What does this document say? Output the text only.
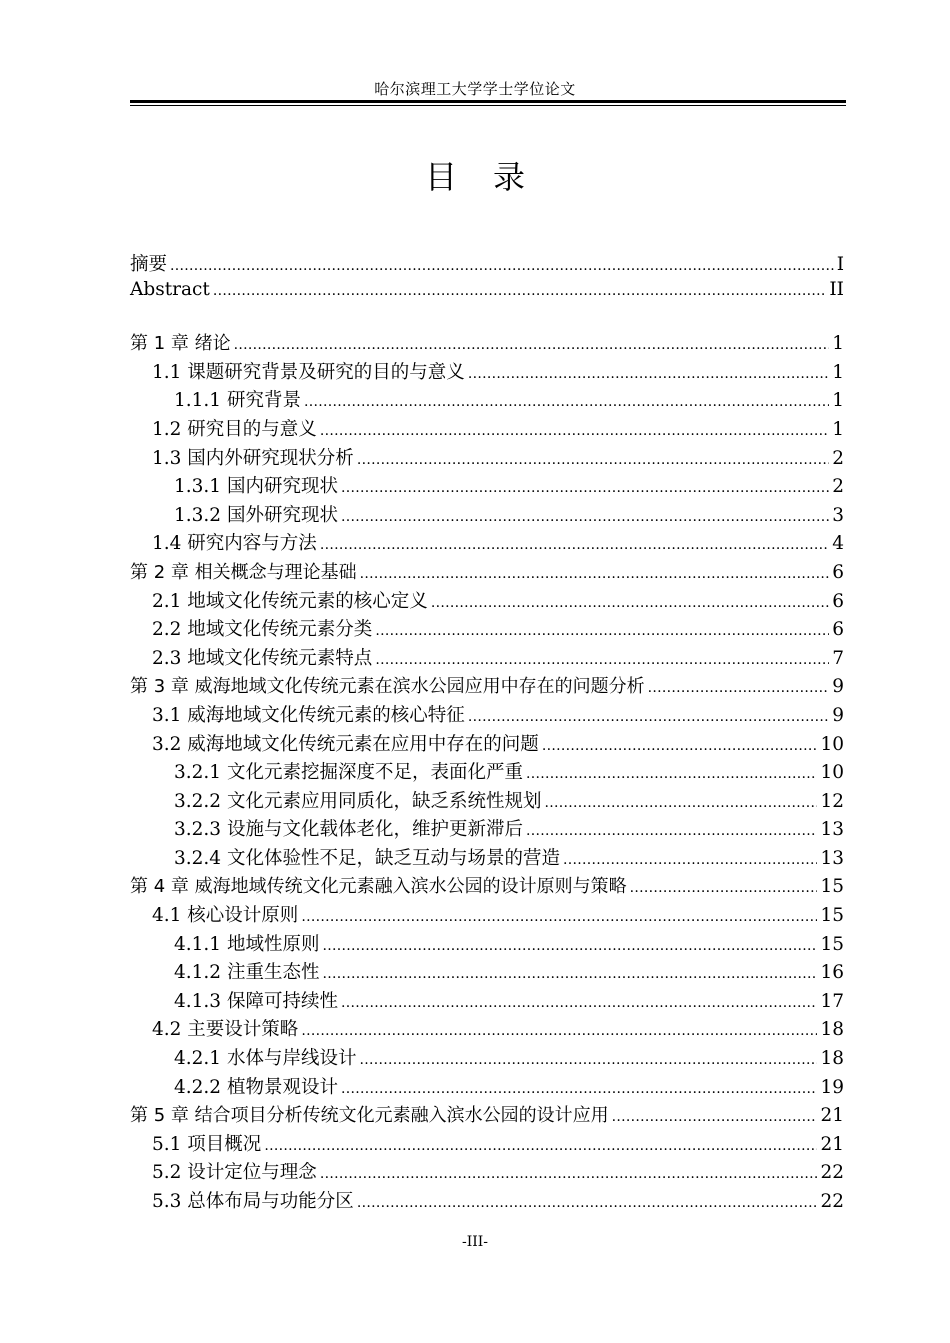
哈尔滨理工大学学士学位论文
目录
摘要 .....	I
Abstract .....	II
第 1 章 绪论 .....	1
1.1 课题研究背景及研究的目的与意义 .....	1
1.1.1 研究背景 .....	1
1.2 研究目的与意义 .....	1
1.3 国内外研究现状分析 .....	2
1.3.1 国内研究现状 .....	2
1.3.2 国外研究现状 .....	3
1.4 研究内容与方法 .....	4
第 2 章 相关概念与理论基础 .....	6
2.1 地域文化传统元素的核心定义 .....	6
2.2 地域文化传统元素分类 .....	6
2.3 地域文化传统元素特点 .....	7
第 3 章 威海地域文化传统元素在滨水公园应用中存在的问题分析 .....	9
3.1 威海地域文化传统元素的核心特征 .....	9
3.2 威海地域文化传统元素在应用中存在的问题 .....	10
3.2.1 文化元素挖掘深度不足，表面化严重 .....	10
3.2.2 文化元素应用同质化，缺乏系统性规划 .....	12
3.2.3 设施与文化载体老化，维护更新滞后 .....	13
3.2.4 文化体验性不足，缺乏互动与场景的营造 .....	13
第 4 章 威海地域传统文化元素融入滨水公园的设计原则与策略 .....	15
4.1 核心设计原则 .....	15
4.1.1 地域性原则 .....	15
4.1.2 注重生态性 .....	16
4.1.3 保障可持续性 .....	17
4.2 主要设计策略 .....	18
4.2.1 水体与岸线设计 .....	18
4.2.2 植物景观设计 .....	19
第 5 章 结合项目分析传统文化元素融入滨水公园的设计应用 .....	21
5.1 项目概况 .....	21
5.2 设计定位与理念 .....	22
5.3 总体布局与功能分区 .....	22
-III-
